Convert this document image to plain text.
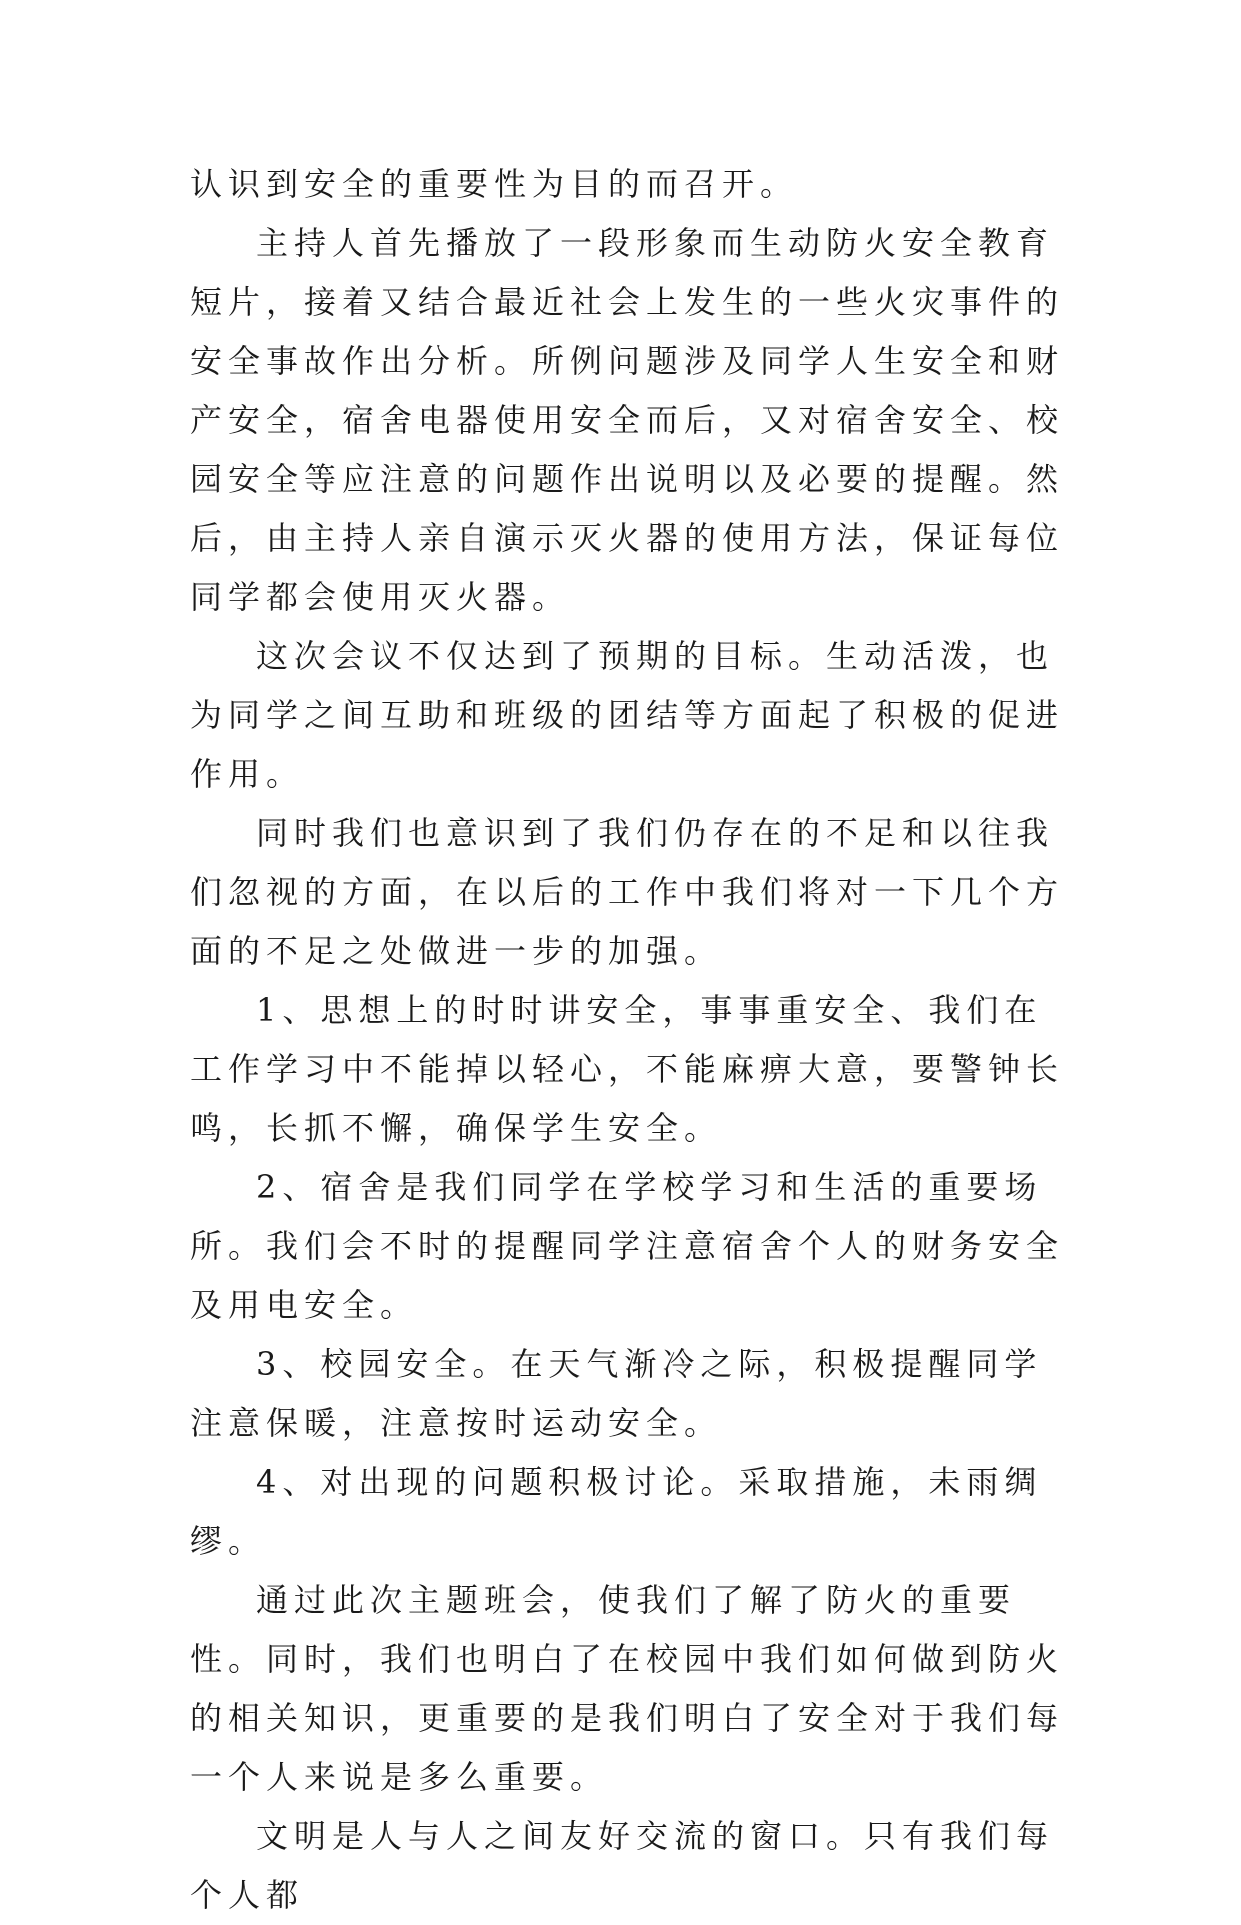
认识到安全的重要性为目的而召开。

主持人首先播放了一段形象而生动防火安全教育短片，接着又结合最近社会上发生的一些火灾事件的安全事故作出分析。所例问题涉及同学人生安全和财产安全，宿舍电器使用安全而后，又对宿舍安全、校园安全等应注意的问题作出说明以及必要的提醒。然后，由主持人亲自演示灭火器的使用方法，保证每位同学都会使用灭火器。

这次会议不仅达到了预期的目标。生动活泼，也为同学之间互助和班级的团结等方面起了积极的促进作用。

同时我们也意识到了我们仍存在的不足和以往我们忽视的方面，在以后的工作中我们将对一下几个方面的不足之处做进一步的加强。

1、思想上的时时讲安全，事事重安全、我们在工作学习中不能掉以轻心，不能麻痹大意，要警钟长鸣，长抓不懈，确保学生安全。

2、宿舍是我们同学在学校学习和生活的重要场所。我们会不时的提醒同学注意宿舍个人的财务安全及用电安全。

3、校园安全。在天气渐冷之际，积极提醒同学注意保暖，注意按时运动安全。

4、对出现的问题积极讨论。采取措施，未雨绸缪。

通过此次主题班会，使我们了解了防火的重要性。同时，我们也明白了在校园中我们如何做到防火的相关知识，更重要的是我们明白了安全对于我们每一个人来说是多么重要。

文明是人与人之间友好交流的窗口。只有我们每个人都
